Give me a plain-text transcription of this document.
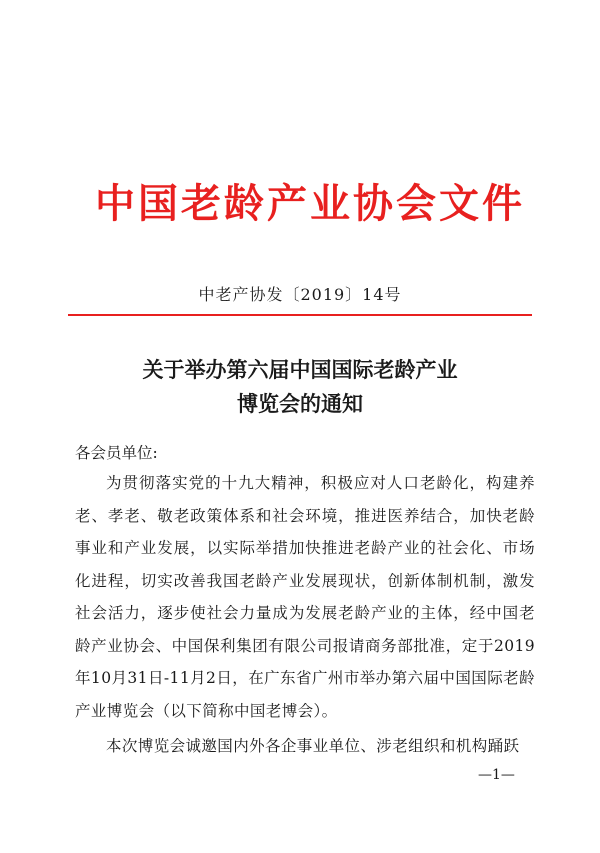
中国老龄产业协会文件
中老产协发〔2019〕14号
关于举办第六届中国国际老龄产业
博览会的通知
各会员单位:
为贯彻落实党的十九大精神，积极应对人口老龄化，构建养老、孝老、敬老政策体系和社会环境，推进医养结合，加快老龄事业和产业发展，以实际举措加快推进老龄产业的社会化、市场化进程，切实改善我国老龄产业发展现状，创新体制机制，激发社会活力，逐步使社会力量成为发展老龄产业的主体，经中国老龄产业协会、中国保利集团有限公司报请商务部批准，定于2019年10月31日-11月2日，在广东省广州市举办第六届中国国际老龄产业博览会（以下简称中国老博会）。
本次博览会诚邀国内外各企事业单位、涉老组织和机构踊跃
—1—
